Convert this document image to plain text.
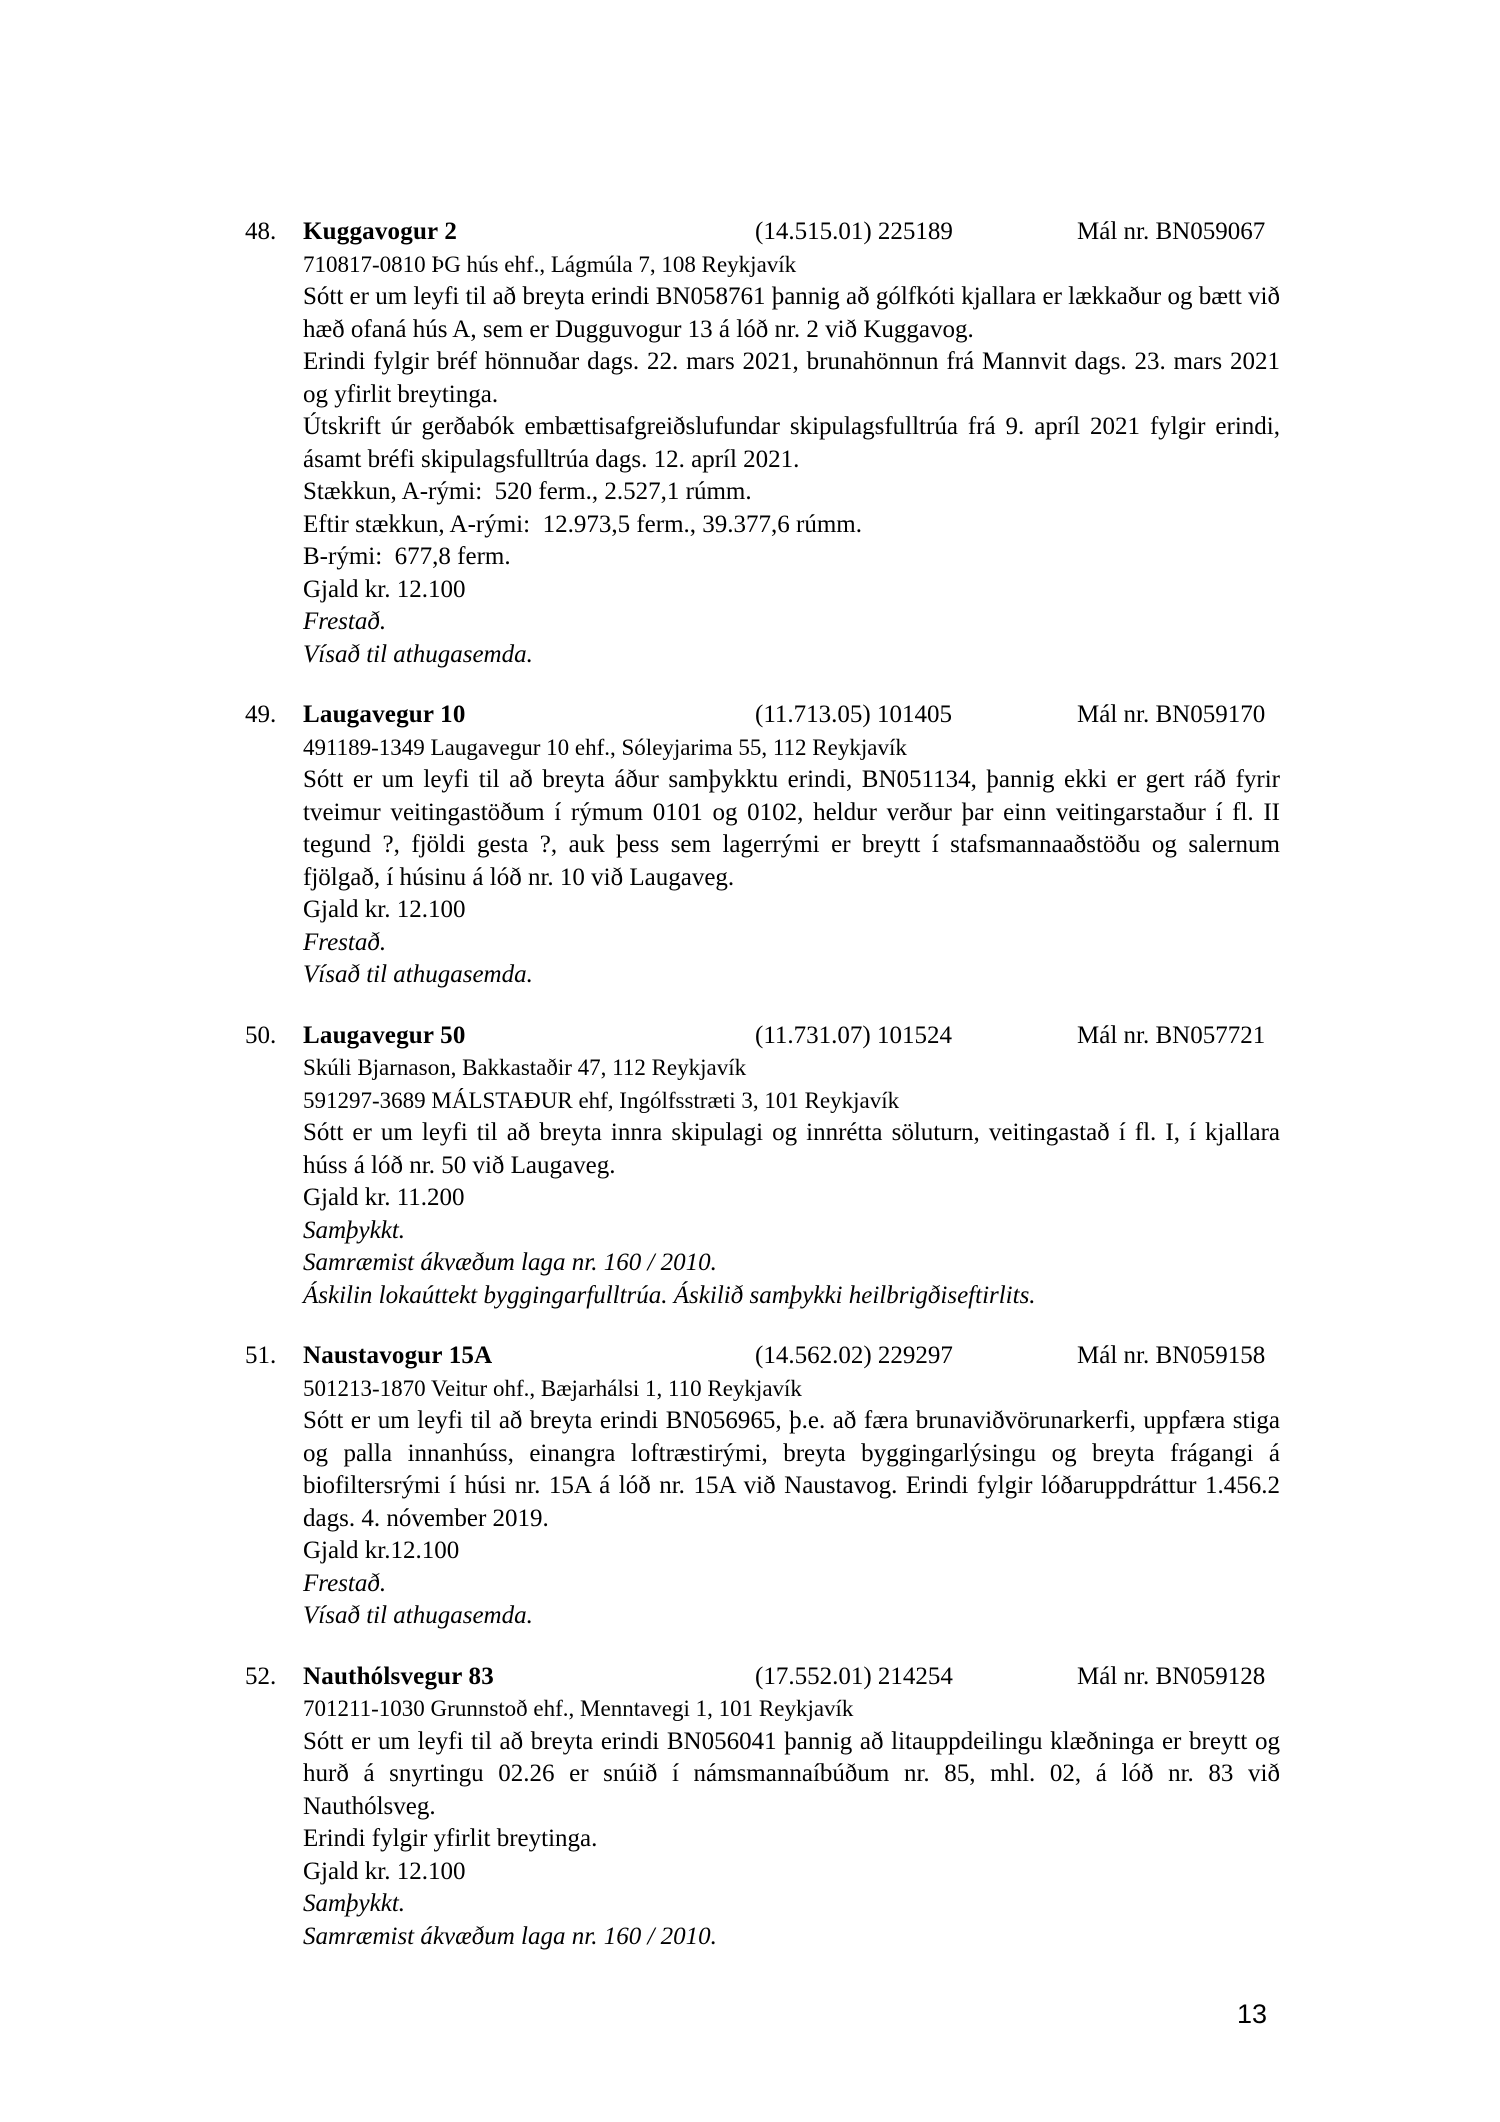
48.	Kuggavogur 2	(14.515.01) 225189	Mál nr. BN059067

710817-0810 ÞG hús ehf., Lágmúla 7, 108 Reykjavík

Sótt er um leyfi til að breyta erindi BN058761 þannig að gólfkóti kjallara er lækkaður og bætt við hæð ofaná hús A, sem er Dugguvogur 13 á lóð nr. 2 við Kuggavog.

Erindi fylgir bréf hönnuðar dags. 22. mars 2021, brunahönnun frá Mannvit dags. 23. mars 2021 og yfirlit breytinga.

Útskrift úr gerðabók embættisafgreiðslufundar skipulagsfulltrúa frá 9. apríl 2021 fylgir erindi, ásamt bréfi skipulagsfulltrúa dags. 12. apríl 2021.

Stækkun, A-rými:  520 ferm., 2.527,1 rúmm.

Eftir stækkun, A-rými:  12.973,5 ferm., 39.377,6 rúmm.

B-rými:  677,8 ferm.

Gjald kr. 12.100

Frestað.

Vísað til athugasemda.

49.	Laugavegur 10	(11.713.05) 101405	Mál nr. BN059170

491189-1349 Laugavegur 10 ehf., Sóleyjarima 55, 112 Reykjavík

Sótt er um leyfi til að breyta áður samþykktu erindi, BN051134, þannig ekki er gert ráð fyrir tveimur veitingastöðum í rýmum 0101 og 0102, heldur verður þar einn veitingarstaður í fl. II tegund ?, fjöldi gesta ?, auk þess sem lagerrými er breytt í stafsmannaaðstöðu og salernum fjölgað, í húsinu á lóð nr. 10 við Laugaveg.

Gjald kr. 12.100

Frestað.

Vísað til athugasemda.

50.	Laugavegur 50	(11.731.07) 101524	Mál nr. BN057721

Skúli Bjarnason, Bakkastaðir 47, 112 Reykjavík

591297-3689 MÁLSTAÐUR ehf, Ingólfsstræti 3, 101 Reykjavík

Sótt er um leyfi til að breyta innra skipulagi og innrétta söluturn, veitingastað í fl. I, í kjallara húss á lóð nr. 50 við Laugaveg.

Gjald kr. 11.200

Samþykkt.

Samræmist ákvæðum laga nr. 160 / 2010.

Áskilin lokaúttekt byggingarfulltrúa. Áskilið samþykki heilbrigðiseftirlits.

51.	Naustavogur 15A	(14.562.02) 229297	Mál nr. BN059158

501213-1870 Veitur ohf., Bæjarhálsi 1, 110 Reykjavík

Sótt er um leyfi til að breyta erindi BN056965, þ.e. að færa brunaviðvörunarkerfi, uppfæra stiga og palla innanhúss, einangra loftræstirými, breyta byggingarlýsingu og breyta frágangi á biofiltersrými í húsi nr. 15A á lóð nr. 15A við Naustavog. Erindi fylgir lóðaruppdráttur 1.456.2 dags. 4. nóvember 2019.

Gjald kr.12.100

Frestað.

Vísað til athugasemda.

52.	Nauthólsvegur 83	(17.552.01) 214254	Mál nr. BN059128

701211-1030 Grunnstoð ehf., Menntavegi 1, 101 Reykjavík

Sótt er um leyfi til að breyta erindi BN056041 þannig að litauppdeilingu klæðninga er breytt og hurð á snyrtingu 02.26 er snúið í námsmannaíbúðum nr. 85, mhl. 02, á lóð nr. 83 við Nauthólsveg.

Erindi fylgir yfirlit breytinga.

Gjald kr. 12.100

Samþykkt.

Samræmist ákvæðum laga nr. 160 / 2010.

13
